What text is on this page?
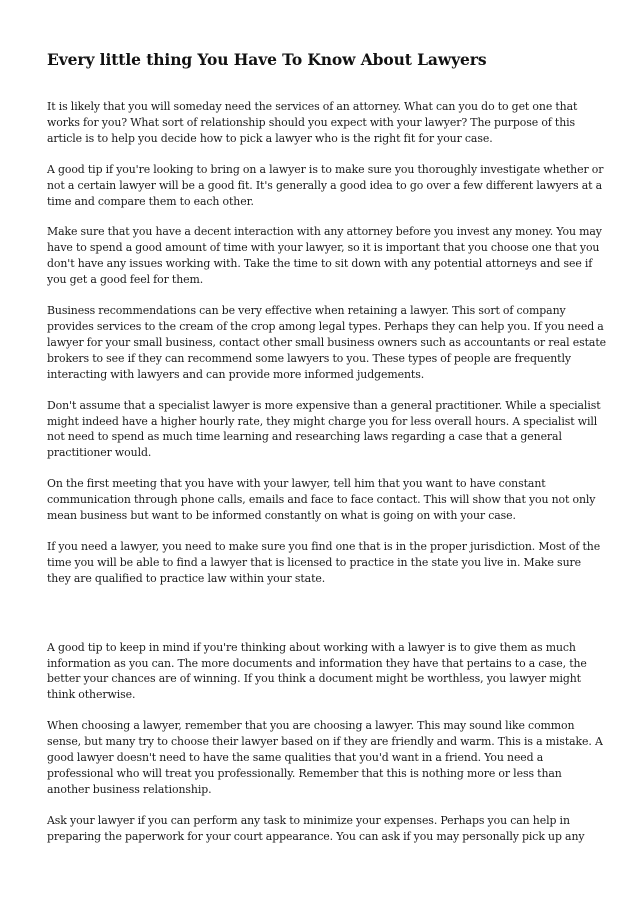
Every little thing You Have To Know About Lawyers

It is likely that you will someday need the services of an attorney. What can you do to get one that works for you? What sort of relationship should you expect with your lawyer? The purpose of this article is to help you decide how to pick a lawyer who is the right fit for your case.

A good tip if you're looking to bring on a lawyer is to make sure you thoroughly investigate whether or not a certain lawyer will be a good fit. It's generally a good idea to go over a few different lawyers at a time and compare them to each other.

Make sure that you have a decent interaction with any attorney before you invest any money. You may have to spend a good amount of time with your lawyer, so it is important that you choose one that you don't have any issues working with. Take the time to sit down with any potential attorneys and see if you get a good feel for them.

Business recommendations can be very effective when retaining a lawyer. This sort of company provides services to the cream of the crop among legal types. Perhaps they can help you. If you need a lawyer for your small business, contact other small business owners such as accountants or real estate brokers to see if they can recommend some lawyers to you. These types of people are frequently interacting with lawyers and can provide more informed judgements.

Don't assume that a specialist lawyer is more expensive than a general practitioner. While a specialist might indeed have a higher hourly rate, they might charge you for less overall hours. A specialist will not need to spend as much time learning and researching laws regarding a case that a general practitioner would.

On the first meeting that you have with your lawyer, tell him that you want to have constant communication through phone calls, emails and face to face contact. This will show that you not only mean business but want to be informed constantly on what is going on with your case.

If you need a lawyer, you need to make sure you find one that is in the proper jurisdiction. Most of the time you will be able to find a lawyer that is licensed to practice in the state you live in. Make sure they are qualified to practice law within your state.

A good tip to keep in mind if you're thinking about working with a lawyer is to give them as much information as you can. The more documents and information they have that pertains to a case, the better your chances are of winning. If you think a document might be worthless, you lawyer might think otherwise.

When choosing a lawyer, remember that you are choosing a lawyer. This may sound like common sense, but many try to choose their lawyer based on if they are friendly and warm. This is a mistake. A good lawyer doesn't need to have the same qualities that you'd want in a friend. You need a professional who will treat you professionally. Remember that this is nothing more or less than another business relationship.

Ask your lawyer if you can perform any task to minimize your expenses. Perhaps you can help in preparing the paperwork for your court appearance. You can ask if you may personally pick up any
